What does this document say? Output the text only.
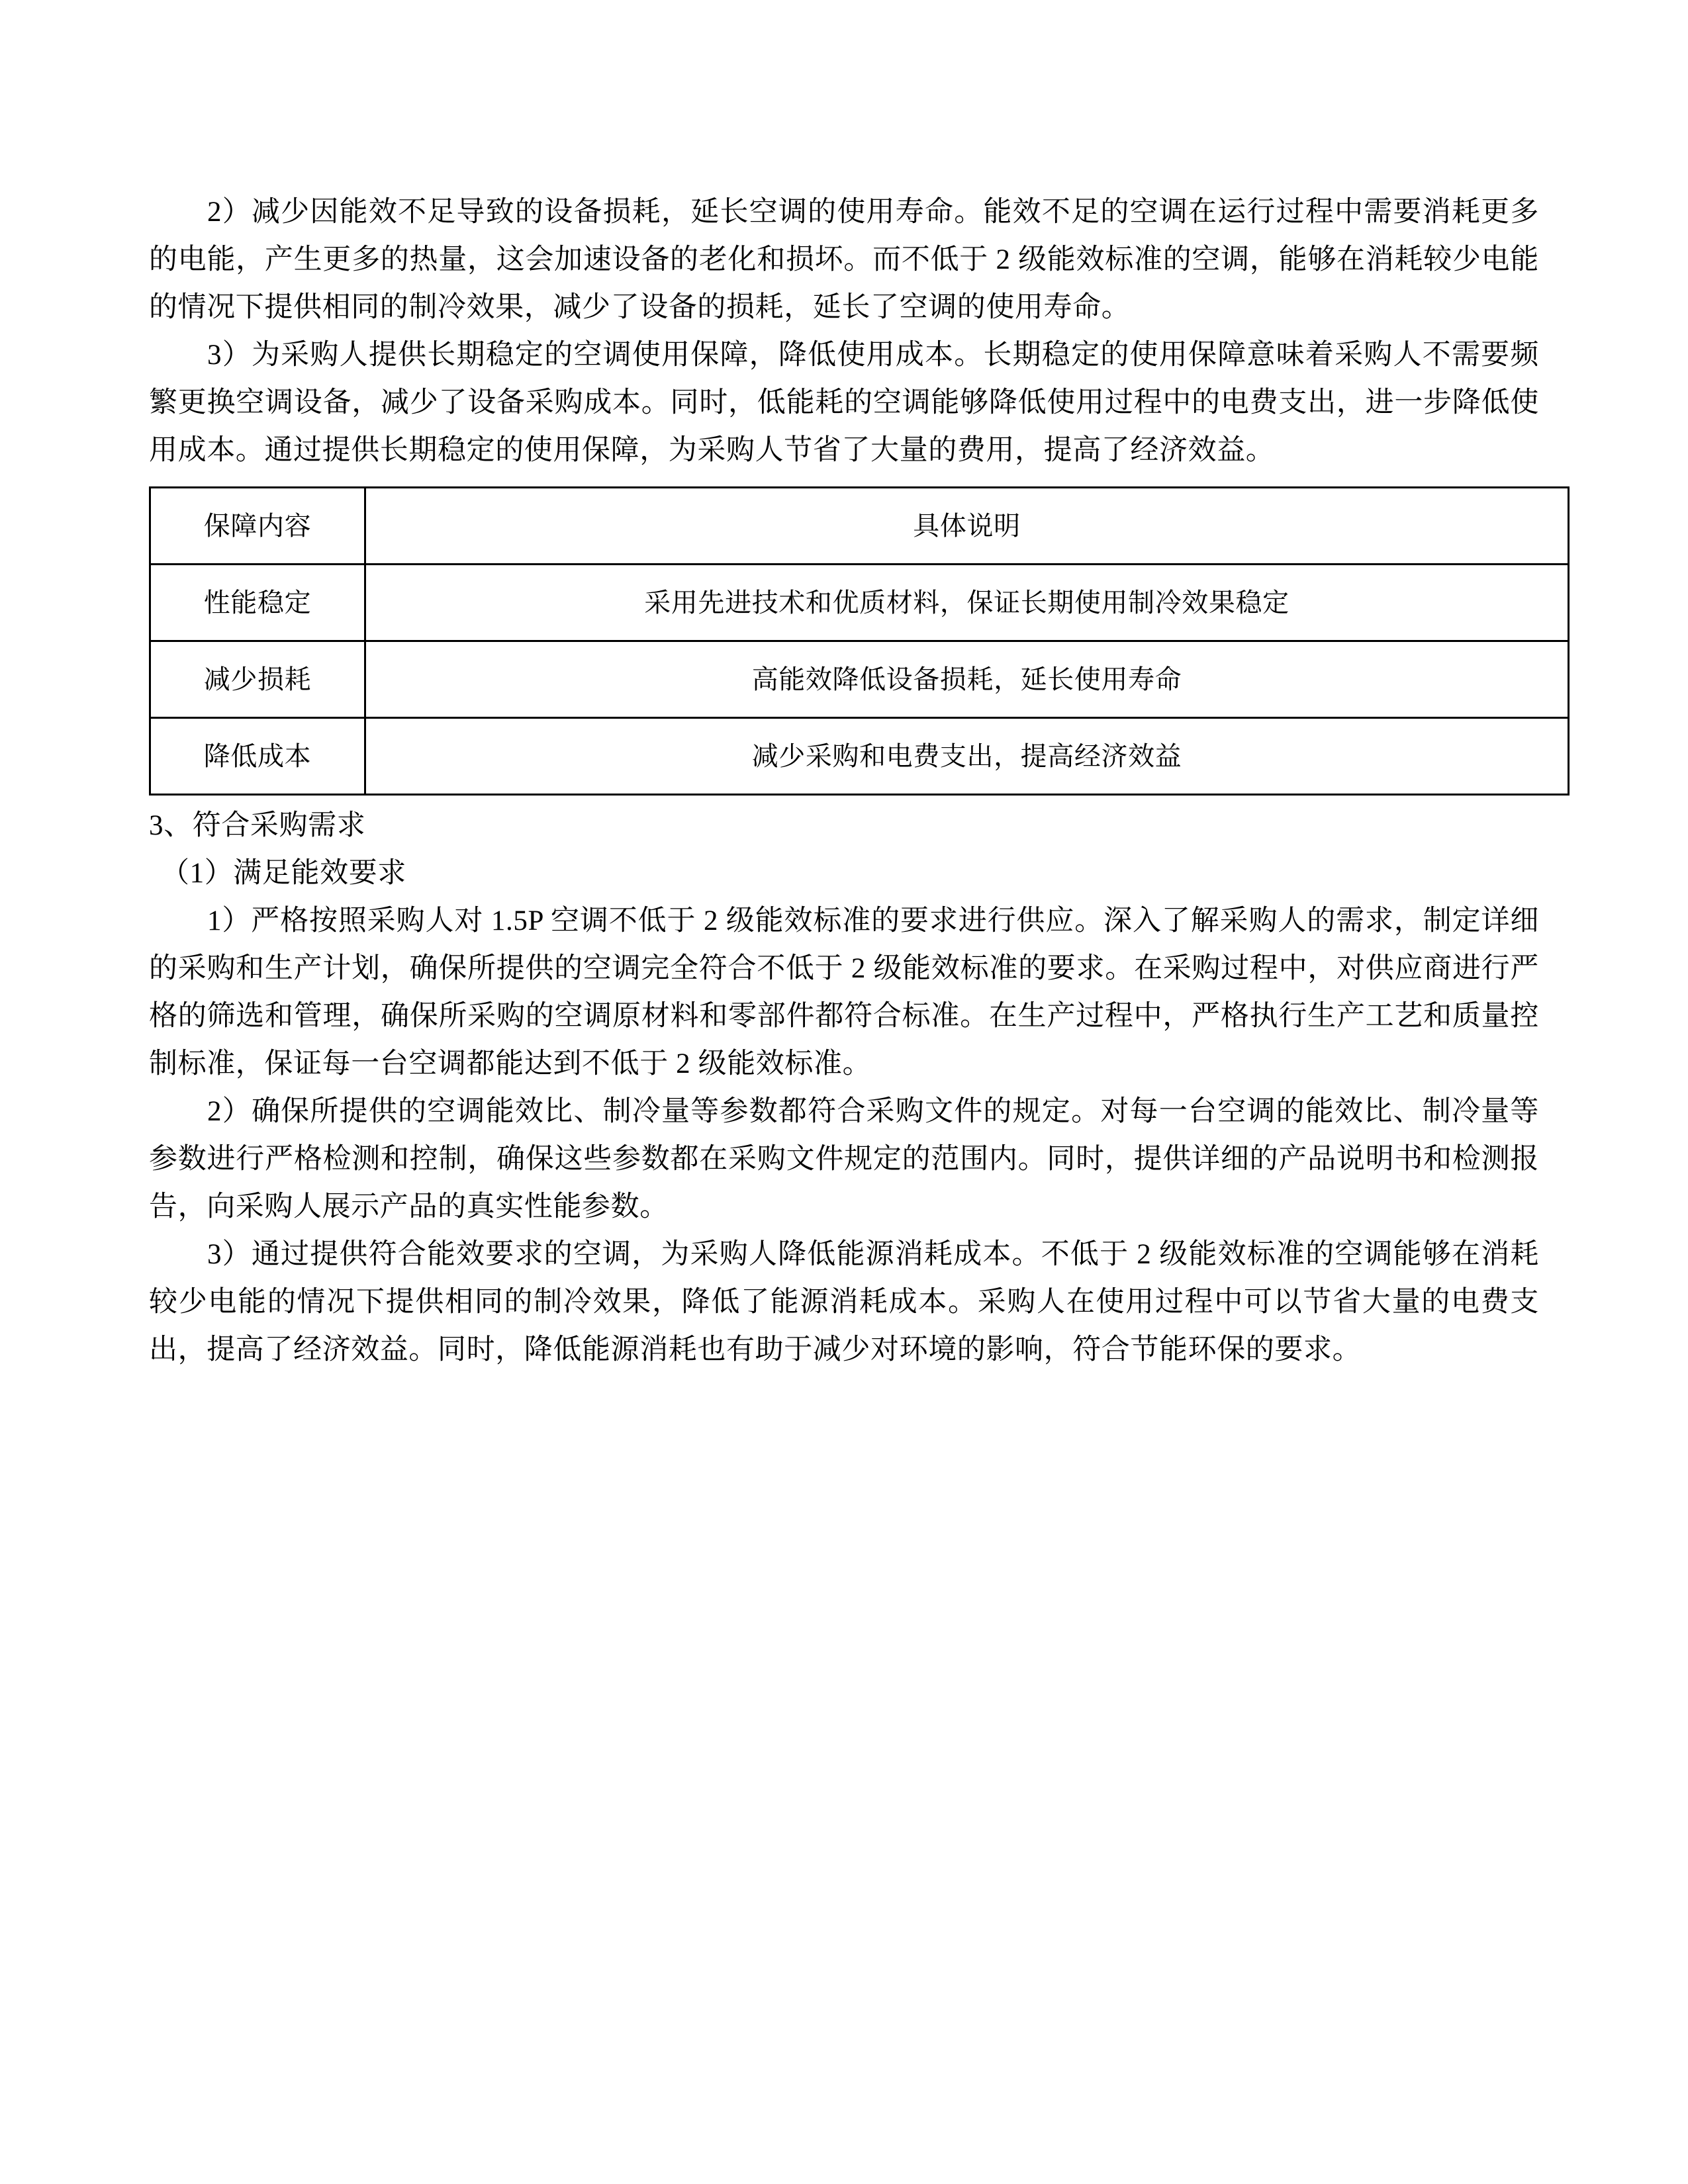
2）减少因能效不足导致的设备损耗，延长空调的使用寿命。能效不足的空调在运行过程中需要消耗更多的电能，产生更多的热量，这会加速设备的老化和损坏。而不低于 2 级能效标准的空调，能够在消耗较少电能的情况下提供相同的制冷效果，减少了设备的损耗，延长了空调的使用寿命。

3）为采购人提供长期稳定的空调使用保障，降低使用成本。长期稳定的使用保障意味着采购人不需要频繁更换空调设备，减少了设备采购成本。同时，低能耗的空调能够降低使用过程中的电费支出，进一步降低使用成本。通过提供长期稳定的使用保障，为采购人节省了大量的费用，提高了经济效益。

保障内容	具体说明
性能稳定	采用先进技术和优质材料，保证长期使用制冷效果稳定
减少损耗	高能效降低设备损耗，延长使用寿命
降低成本	减少采购和电费支出，提高经济效益

3、符合采购需求

（1）满足能效要求

1）严格按照采购人对 1.5P 空调不低于 2 级能效标准的要求进行供应。深入了解采购人的需求，制定详细的采购和生产计划，确保所提供的空调完全符合不低于 2 级能效标准的要求。在采购过程中，对供应商进行严格的筛选和管理，确保所采购的空调原材料和零部件都符合标准。在生产过程中，严格执行生产工艺和质量控制标准，保证每一台空调都能达到不低于 2 级能效标准。

2）确保所提供的空调能效比、制冷量等参数都符合采购文件的规定。对每一台空调的能效比、制冷量等参数进行严格检测和控制，确保这些参数都在采购文件规定的范围内。同时，提供详细的产品说明书和检测报告，向采购人展示产品的真实性能参数。

3）通过提供符合能效要求的空调，为采购人降低能源消耗成本。不低于 2 级能效标准的空调能够在消耗较少电能的情况下提供相同的制冷效果，降低了能源消耗成本。采购人在使用过程中可以节省大量的电费支出，提高了经济效益。同时，降低能源消耗也有助于减少对环境的影响，符合节能环保的要求。
